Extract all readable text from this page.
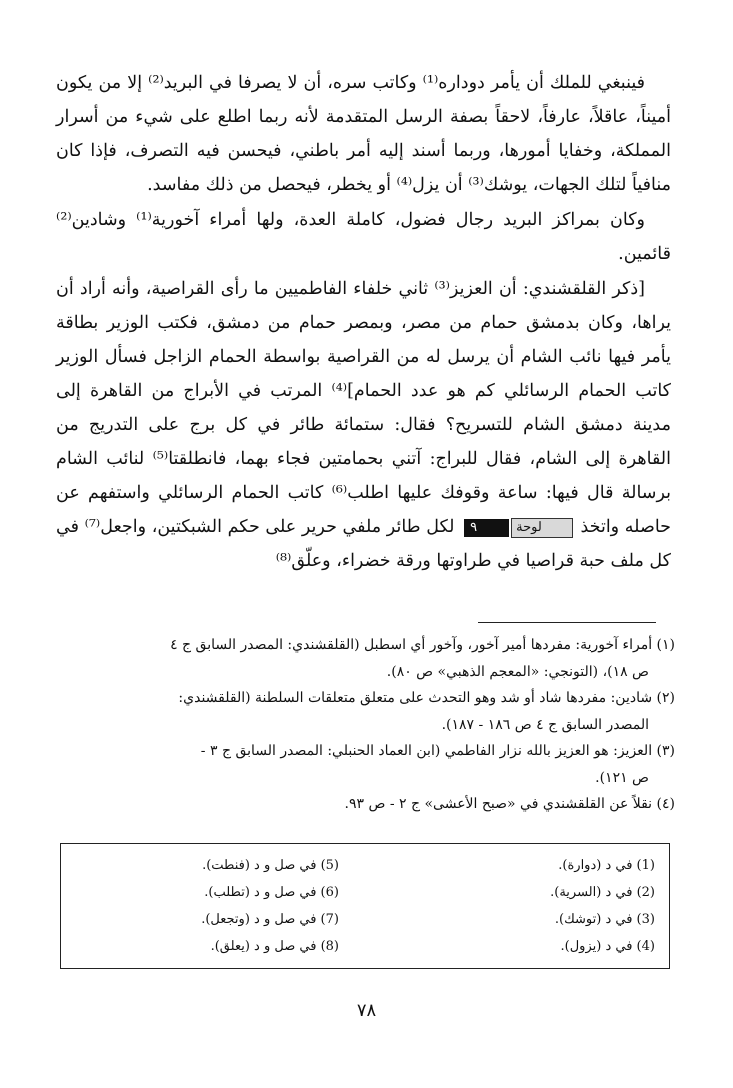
فينبغي للملك أن يأمر دوداره⁽¹⁾ وكاتب سره، أن لا يصرفا في البريد⁽²⁾ إلا من يكون أميناً، عاقلاً، عارفاً، لاحقاً بصفة الرسل المتقدمة لأنه ربما اطلع على شيء من أسرار المملكة، وخفايا أمورها، وربما أسند إليه أمر باطني، فيحسن فيه التصرف، فإذا كان منافياً لتلك الجهات، يوشك⁽³⁾ أن يزل⁽⁴⁾ أو يخطر، فيحصل من ذلك مفاسد.

وكان بمراكز البريد رجال فضول، كاملة العدة، ولها أمراء آخورية⁽¹⁾ وشادين⁽²⁾ قائمين.

[ذكر القلقشندي: أن العزيز⁽³⁾ ثاني خلفاء الفاطميين ما رأى القراصية، وأنه أراد أن يراها، وكان بدمشق حمام من مصر، وبمصر حمام من دمشق، فكتب الوزير بطاقة يأمر فيها نائب الشام أن يرسل له من القراصية بواسطة الحمام الزاجل فسأل الوزير كاتب الحمام الرسائلي كم هو عدد الحمام]⁽⁴⁾ المرتب في الأبراج من القاهرة إلى مدينة دمشق الشام للتسريح؟ فقال: ستمائة طائر في كل برج على التدريج من القاهرة إلى الشام، فقال للبراج: آتني بحمامتين فجاء بهما، فانطلقتا⁽⁵⁾ لنائب الشام برسالة قال فيها: ساعة وقوفك عليها اطلب⁽⁶⁾ كاتب الحمام الرسائلي واستفهم عن حاصله واتخذ لوحة٩ لكل طائر ملفي حرير على حكم الشبكتين، واجعل⁽⁷⁾ في كل ملف حبة قراصيا في طراوتها ورقة خضراء، وعلّق⁽⁸⁾

(١) أمراء آخورية: مفردها أمير آخور، وآخور أي اسطبل (القلقشندي: المصدر السابق ج ٤

ص ١٨)، (التونجي: «المعجم الذهبي» ص ٨٠).

(٢) شادين: مفردها شاد أو شد وهو التحدث على متعلق متعلقات السلطنة (القلقشندي:

المصدر السابق ج ٤ ص ١٨٦ - ١٨٧).

(٣) العزيز: هو العزيز بالله نزار الفاطمي (ابن العماد الحنبلي: المصدر السابق ج ٣ -

ص ١٢١).

(٤) نقلاً عن القلقشندي في «صبح الأعشى» ج ٢ - ص ٩٣.

(1) في د (دوارة).
(2) في د (السرية).
(3) في د (توشك).
(4) في د (يزول).
(5) في صل و د (فنطت).
(6) في صل و د (تطلب).
(7) في صل و د (وتجعل).
(8) في صل و د (يعلق).
٧٨
